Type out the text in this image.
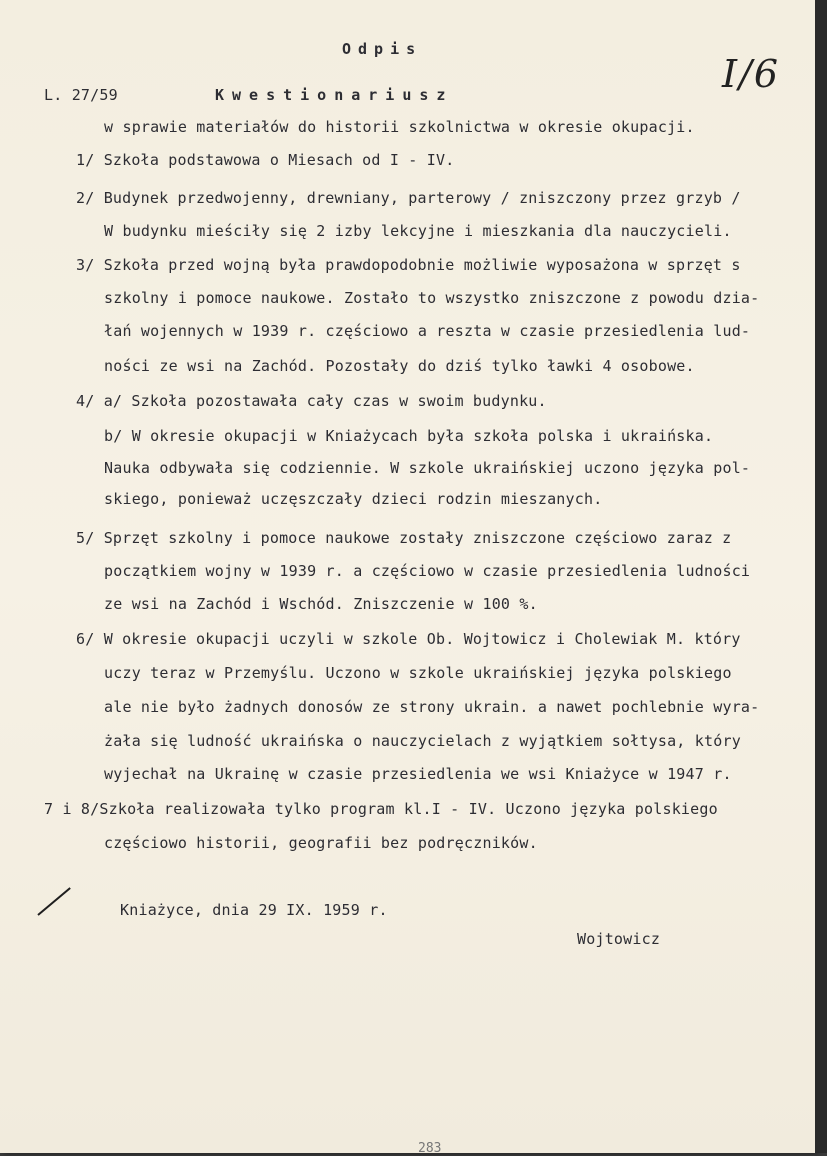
Odpis
I/6
L. 27/59	Kwestionariusz
w sprawie materiałów do historii szkolnictwa w okresie okupacji.
1/ Szkoła podstawowa o Miesach od I - IV.
2/ Budynek przedwojenny, drewniany, parterowy / zniszczony przez grzyb /
W budynku mieściły się 2 izby lekcyjne i mieszkania dla nauczycieli.
3/ Szkoła przed wojną była prawdopodobnie możliwie wyposażona w sprzęt s
szkolny i pomoce naukowe. Zostało to wszystko zniszczone z powodu dzia-
łań wojennych w 1939 r. częściowo a reszta w czasie przesiedlenia lud-
ności ze wsi na Zachód. Pozostały do dziś tylko ławki 4 osobowe.
4/ a/ Szkoła pozostawała cały czas w swoim budynku.
b/ W okresie okupacji w Kniażycach była szkoła polska i ukraińska.
Nauka odbywała się codziennie. W szkole ukraińskiej uczono języka pol-
skiego, ponieważ uczęszczały dzieci rodzin mieszanych.
5/ Sprzęt szkolny i pomoce naukowe zostały zniszczone częściowo zaraz z
początkiem wojny w 1939 r. a częściowo w czasie przesiedlenia ludności
ze wsi na Zachód i Wschód. Zniszczenie w 100 %.
6/ W okresie okupacji uczyli w szkole Ob. Wojtowicz i Cholewiak M. który
uczy teraz w Przemyślu. Uczono w szkole ukraińskiej języka polskiego
ale nie było żadnych donosów ze strony ukrain. a nawet pochlebnie wyra-
żała się ludność ukraińska o nauczycielach z wyjątkiem sołtysa, który
wyjechał na Ukrainę w czasie przesiedlenia we wsi Kniażyce w 1947 r.
7 i 8/Szkoła realizowała tylko program kl.I - IV. Uczono języka polskiego
częściowo historii, geografii bez podręczników.
Kniażyce, dnia 29 IX. 1959 r.
Wojtowicz
283
